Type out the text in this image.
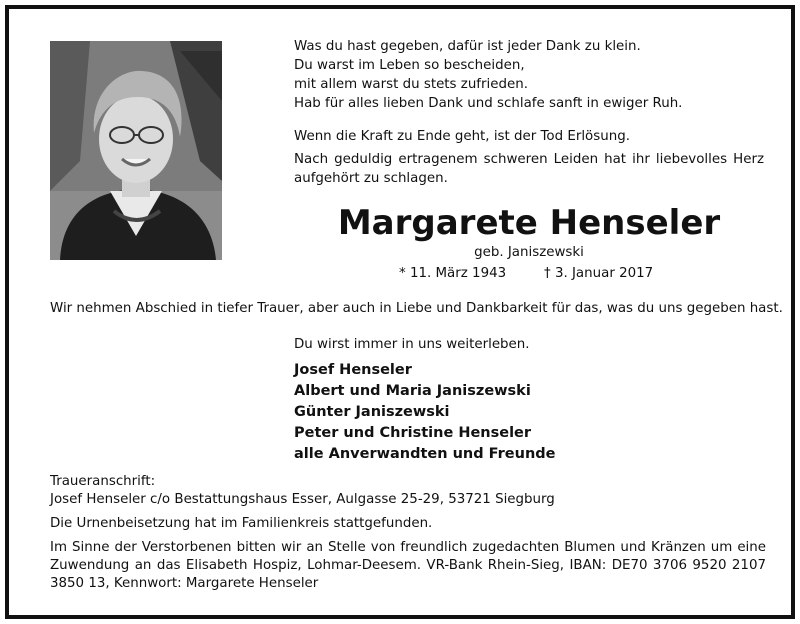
Was du hast gegeben, dafür ist jeder Dank zu klein.
Du warst im Leben so bescheiden,
mit allem warst du stets zufrieden.
Hab für alles lieben Dank und schlafe sanft in ewiger Ruh.
Wenn die Kraft zu Ende geht, ist der Tod Erlösung.
Nach geduldig ertragenem schweren Leiden hat ihr liebevolles Herz aufgehört zu schlagen.
Margarete Henseler
geb. Janiszewski
* 11. März 1943	† 3. Januar 2017
Wir nehmen Abschied in tiefer Trauer, aber auch in Liebe und Dankbarkeit für das, was du uns gegeben hast.
Du wirst immer in uns weiterleben.
Josef Henseler
Albert und Maria Janiszewski
Günter Janiszewski
Peter und Christine Henseler
alle Anverwandten und Freunde
Traueranschrift:
Josef Henseler c/o Bestattungshaus Esser, Aulgasse 25-29, 53721 Siegburg
Die Urnenbeisetzung hat im Familienkreis stattgefunden.
Im Sinne der Verstorbenen bitten wir an Stelle von freundlich zugedachten Blumen und Kränzen um eine Zuwendung an das Elisabeth Hospiz, Lohmar-Deesem. VR-Bank Rhein-Sieg, IBAN: DE70 3706 9520 2107 3850 13, Kennwort: Margarete Henseler
